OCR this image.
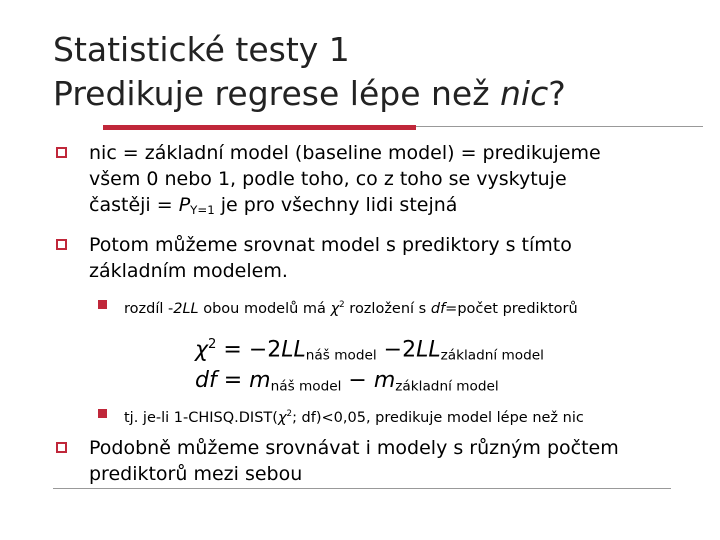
Statistické testy 1
Predikuje regrese lépe než nic?
nic = základní model (baseline model) = predikujeme
všem 0 nebo 1, podle toho, co z toho se vyskytuje
častěji = PY=1 je pro všechny lidi stejná
Potom můžeme srovnat model s prediktory s tímto
základním modelem.
rozdíl -2LL obou modelů má $\chi^2$ rozložení s df=počet prediktorů
$\chi^2$ = −2LLnáš model −2LLzákladní model
df = mnáš model − mzákladní model
tj. je-li $1-CHISQ.DIST(\chi^2$; df)<0,05, predikuje model lépe než nic
Podobně můžeme srovnávat i modely s různým počtem
prediktorů mezi sebou
